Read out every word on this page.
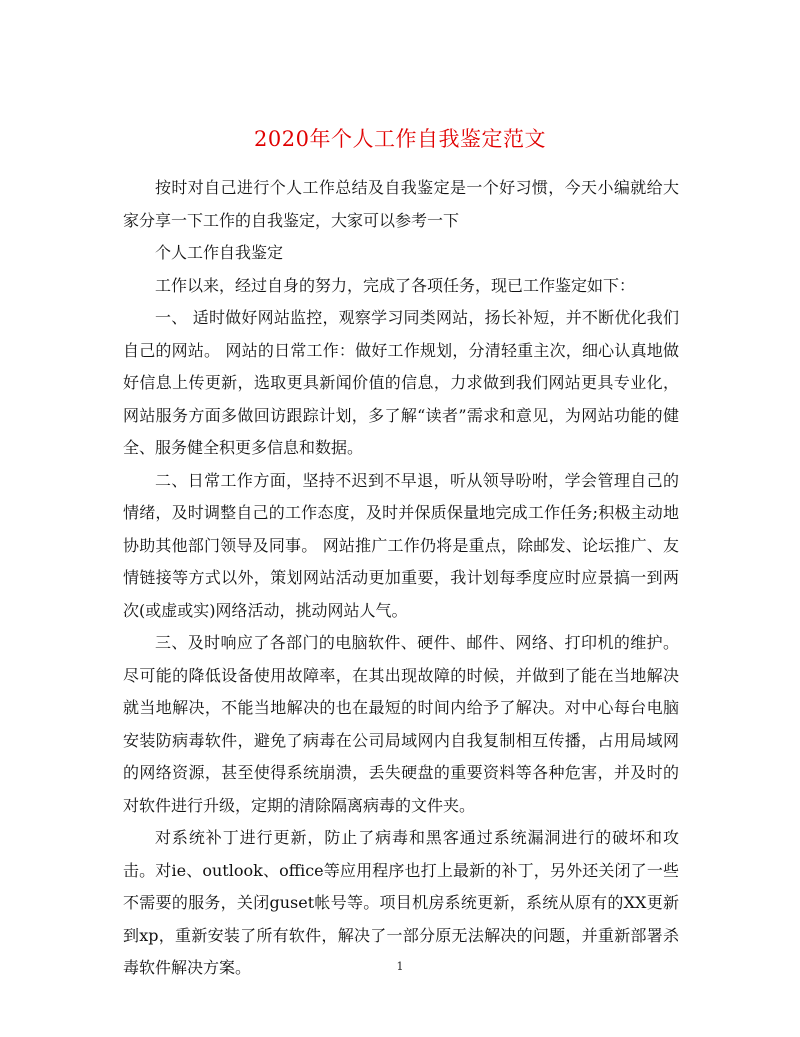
2020年个人工作自我鉴定范文

按时对自己进行个人工作总结及自我鉴定是一个好习惯，今天小编就给大家分享一下工作的自我鉴定，大家可以参考一下

个人工作自我鉴定

工作以来，经过自身的努力，完成了各项任务，现已工作鉴定如下：

一、 适时做好网站监控，观察学习同类网站，扬长补短，并不断优化我们自己的网站。 网站的日常工作：做好工作规划，分清轻重主次，细心认真地做好信息上传更新，选取更具新闻价值的信息，力求做到我们网站更具专业化，网站服务方面多做回访跟踪计划，多了解“读者”需求和意见，为网站功能的健全、服务健全积更多信息和数据。

二、日常工作方面，坚持不迟到不早退，听从领导吩咐，学会管理自己的情绪，及时调整自己的工作态度，及时并保质保量地完成工作任务;积极主动地协助其他部门领导及同事。 网站推广工作仍将是重点，除邮发、论坛推广、友情链接等方式以外，策划网站活动更加重要，我计划每季度应时应景搞一到两次(或虚或实)网络活动，挑动网站人气。

三、及时响应了各部门的电脑软件、硬件、邮件、网络、打印机的维护。尽可能的降低设备使用故障率，在其出现故障的时候，并做到了能在当地解决就当地解决，不能当地解决的也在最短的时间内给予了解决。对中心每台电脑安装防病毒软件，避免了病毒在公司局域网内自我复制相互传播，占用局域网的网络资源，甚至使得系统崩溃，丢失硬盘的重要资料等各种危害，并及时的对软件进行升级，定期的清除隔离病毒的文件夹。

对系统补丁进行更新，防止了病毒和黑客通过系统漏洞进行的破坏和攻击。对ie、outlook、office等应用程序也打上最新的补丁，另外还关闭了一些不需要的服务，关闭guset帐号等。项目机房系统更新，系统从原有的XX更新到xp，重新安装了所有软件，解决了一部分原无法解决的问题，并重新部署杀毒软件解决方案。	1
